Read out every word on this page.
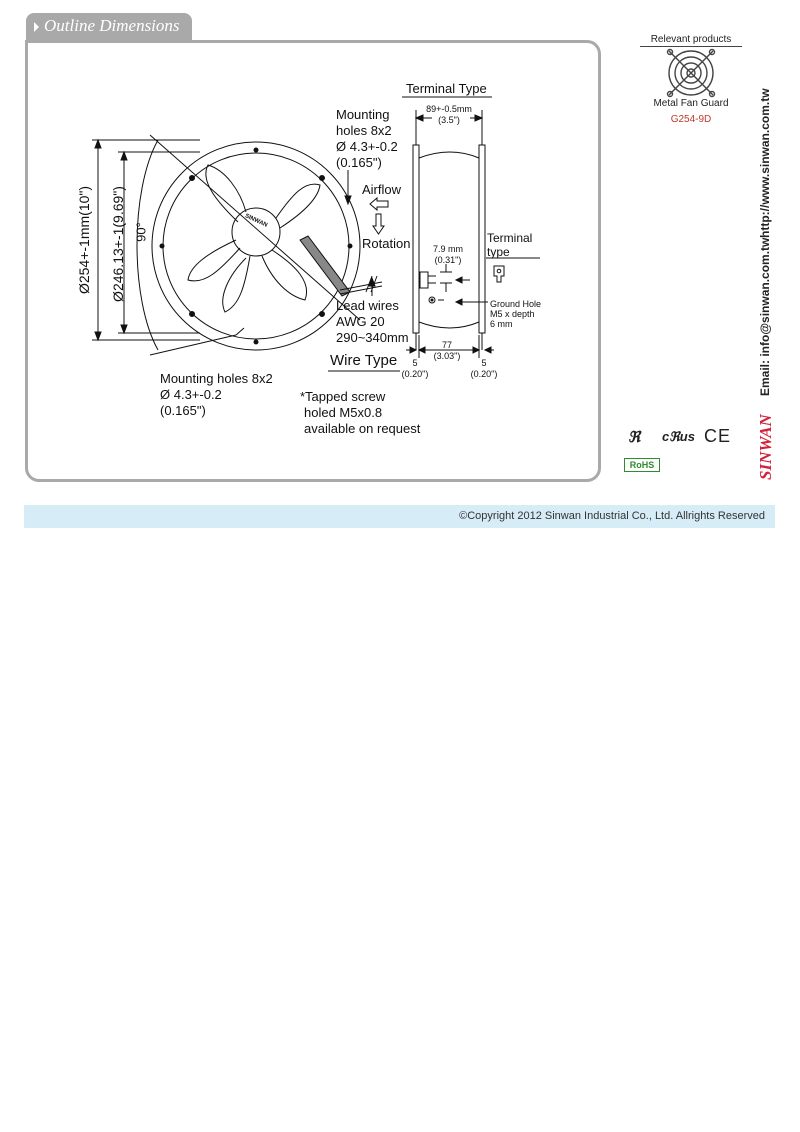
Outline Dimensions
Ø254+-1mm(10") Ø246.13+-1(9.69") 90°
SINWAN
Mounting
holes 8x2
Ø 4.3+-0.2
(0.165")
Airflow
Rotation
Lead wires
AWG 20
290~340mm
Wire Type
Mounting holes 8x2
Ø 4.3+-0.2
(0.165")
*Tapped screw
holed M5x0.8
available on request
Terminal Type
89+-0.5mm
(3.5")
7.9 mm
(0.31")
Terminal
type
Ground Hole
M5 x depth
6 mm
5
(0.20")
77
(3.03")
5
(0.20")
Relevant products
Metal Fan Guard
G254-9D	http://www.sinwan.com.tw
Email: info@sinwan.com.tw
SINWAN
ℜ cℜus CE
RoHS
©Copyright 2012 Sinwan Industrial Co., Ltd. Allrights Reserved
